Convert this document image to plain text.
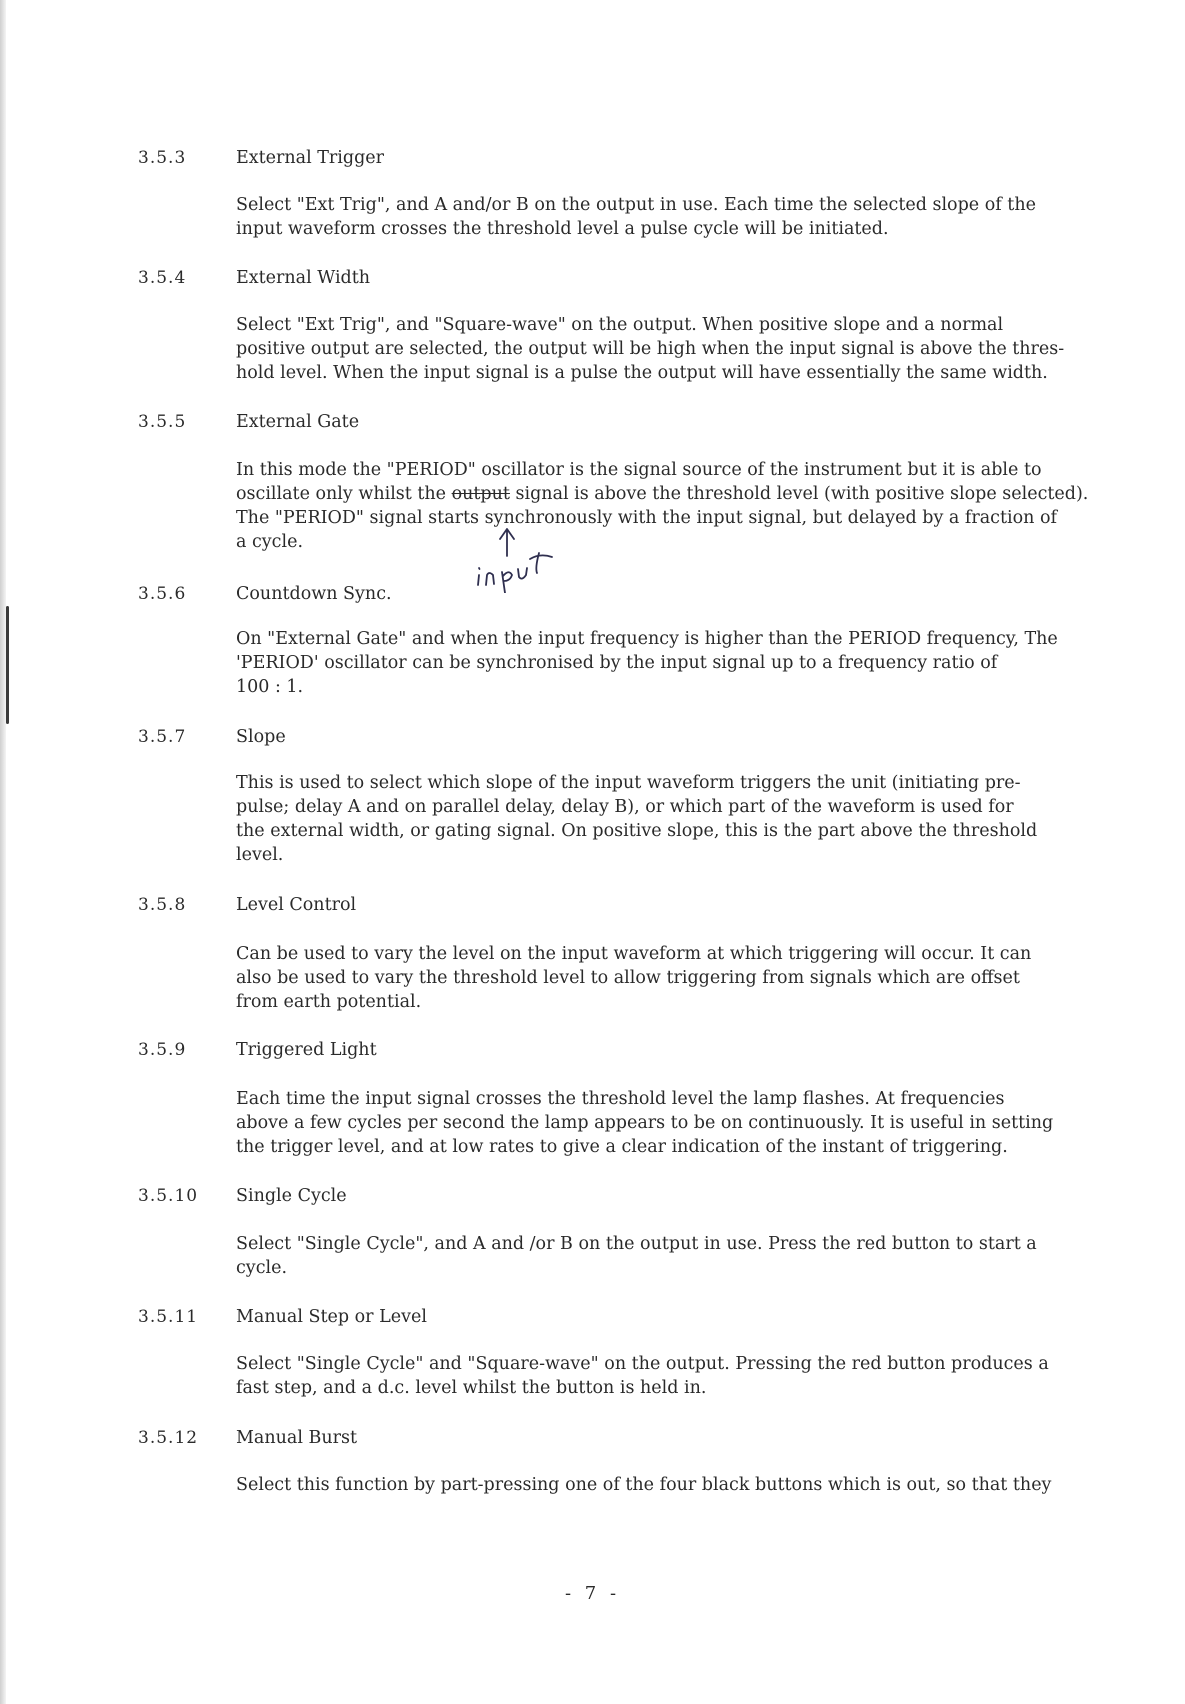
3.5.3	External Trigger
Select "Ext Trig", and A and/or B on the output in use. Each time the selected slope of the
input waveform crosses the threshold level a pulse cycle will be initiated.
3.5.4	External Width
Select "Ext Trig", and "Square-wave" on the output. When positive slope and a normal
positive output are selected, the output will be high when the input signal is above the thres-
hold level. When the input signal is a pulse the output will have essentially the same width.
3.5.5	External Gate
In this mode the "PERIOD" oscillator is the signal source of the instrument but it is able to
oscillate only whilst the output signal is above the threshold level (with positive slope selected).
The "PERIOD" signal starts synchronously with the input signal, but delayed by a fraction of
a cycle.
3.5.6	Countdown Sync.
On "External Gate" and when the input frequency is higher than the PERIOD frequency, The
'PERIOD' oscillator can be synchronised by the input signal up to a frequency ratio of
100 : 1.
3.5.7	Slope
This is used to select which slope of the input waveform triggers the unit (initiating pre-
pulse; delay A and on parallel delay, delay B), or which part of the waveform is used for
the external width, or gating signal. On positive slope, this is the part above the threshold
level.
3.5.8	Level Control
Can be used to vary the level on the input waveform at which triggering will occur. It can
also be used to vary the threshold level to allow triggering from signals which are offset
from earth potential.
3.5.9	Triggered Light
Each time the input signal crosses the threshold level the lamp flashes. At frequencies
above a few cycles per second the lamp appears to be on continuously. It is useful in setting
the trigger level, and at low rates to give a clear indication of the instant of triggering.
3.5.10	Single Cycle
Select "Single Cycle", and A and /or B on the output in use. Press the red button to start a
cycle.
3.5.11	Manual Step or Level
Select "Single Cycle" and "Square-wave" on the output. Pressing the red button produces a
fast step, and a d.c. level whilst the button is held in.
3.5.12	Manual Burst
Select this function by part-pressing one of the four black buttons which is out, so that they
- 7 -
